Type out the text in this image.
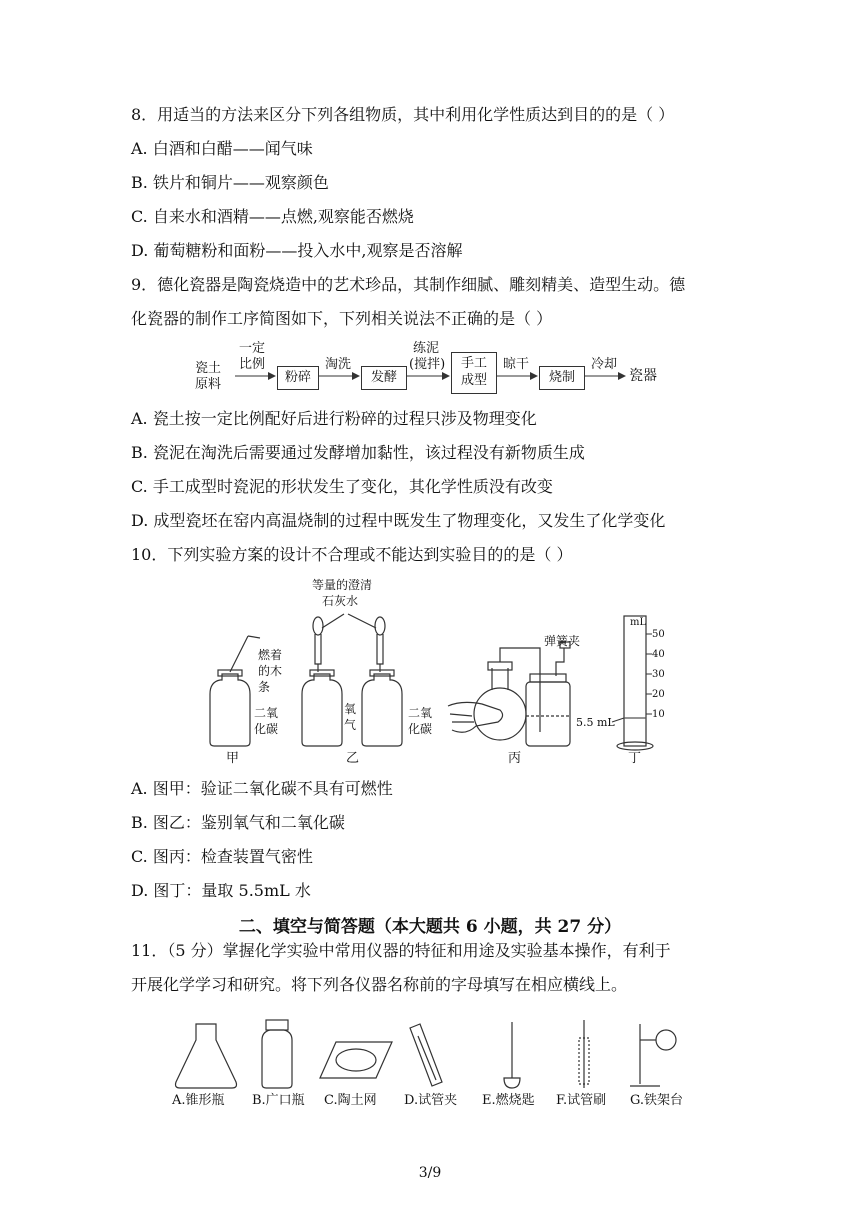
8．用适当的方法来区分下列各组物质，其中利用化学性质达到目的的是（ ）
A. 白酒和白醋——闻气味
B. 铁片和铜片——观察颜色
C. 自来水和酒精——点燃,观察能否燃烧
D. 葡萄糖粉和面粉——投入水中,观察是否溶解
9．德化瓷器是陶瓷烧造中的艺术珍品，其制作细腻、雕刻精美、造型生动。德
化瓷器的制作工序简图如下，下列相关说法不正确的是（ ）
瓷土
原料
一定
比例
粉碎
淘洗
发酵
练泥
(搅拌)	手工
成型
晾干
烧制
冷却
瓷器
A. 瓷土按一定比例配好后进行粉碎的过程只涉及物理变化
B. 瓷泥在淘洗后需要通过发酵增加黏性，该过程没有新物质生成
C. 手工成型时瓷泥的形状发生了变化，其化学性质没有改变
D. 成型瓷坯在窑内高温烧制的过程中既发生了物理变化，又发生了化学变化
10．下列实验方案的设计不合理或不能达到实验目的的是（ ）
等量的澄清
石灰水
燃着
的木
条
二氧
化碳
氧
气
二氧
化碳
弹簧夹
mL
50
40
30
20
10
5.5 mL
甲	乙	丙	丁
A. 图甲：验证二氧化碳不具有可燃性
B. 图乙：鉴别氧气和二氧化碳
C. 图丙：检查装置气密性
D. 图丁：量取 5.5mL 水
二、填空与简答题（本大题共 6 小题，共 27 分）
11．（5 分）掌握化学实验中常用仪器的特征和用途及实验基本操作，有利于
开展化学学习和研究。将下列各仪器名称前的字母填写在相应横线上。
A.锥形瓶 B.广口瓶 C.陶土网 D.试管夹 E.燃烧匙 F.试管刷 G.铁架台
3/9
